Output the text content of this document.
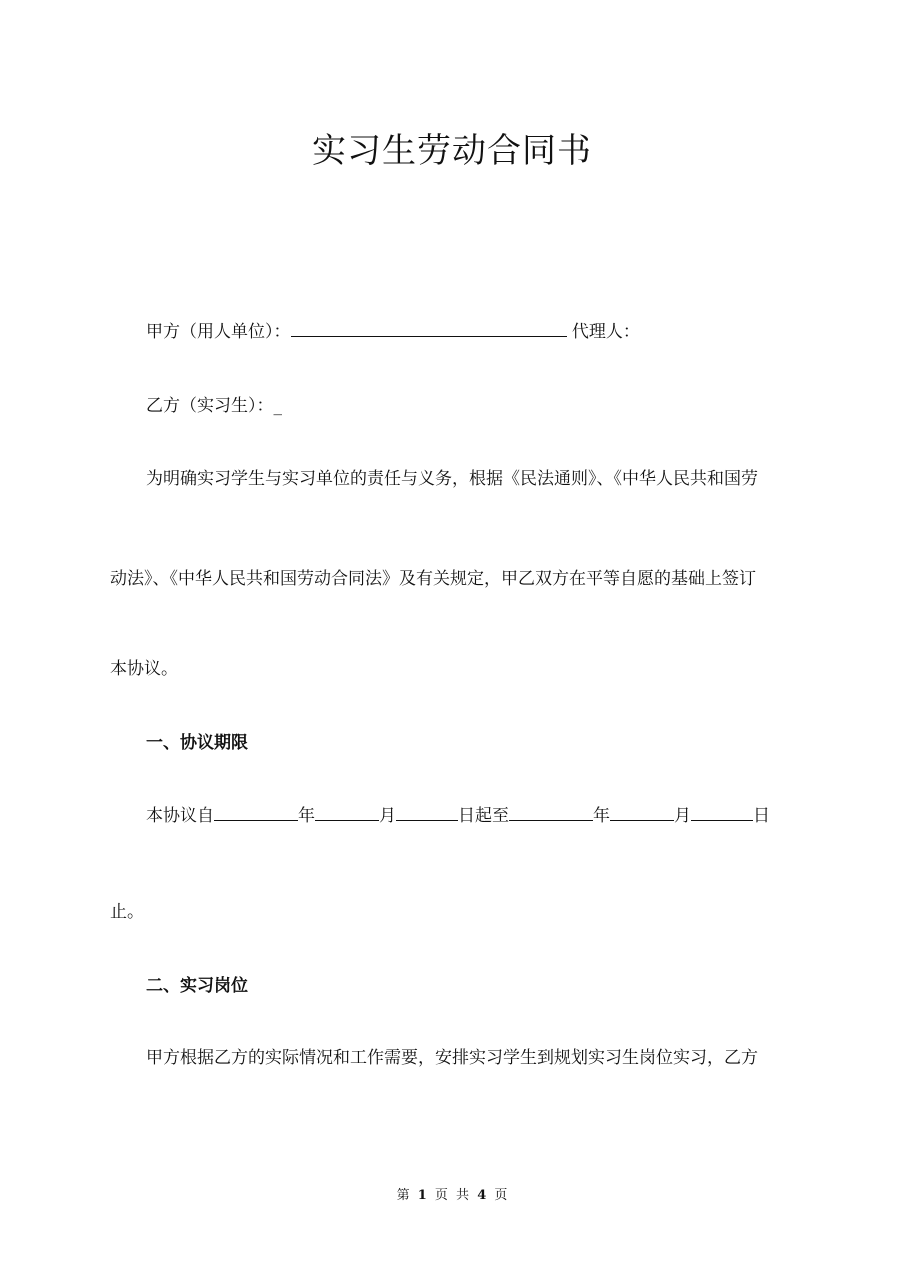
实习生劳动合同书
甲方（用人单位）：	代理人：
乙方（实习生）：_
为明确实习学生与实习单位的责任与义务，根据《民法通则》、《中华人民共和国劳
动法》、《中华人民共和国劳动合同法》及有关规定，甲乙双方在平等自愿的基础上签订
本协议。
一、协议期限
本协议自	年	月	日起至	年	月	日
止。
二、实习岗位
甲方根据乙方的实际情况和工作需要，安排实习学生到规划实习生岗位实习，乙方
第 1 页 共 4 页
